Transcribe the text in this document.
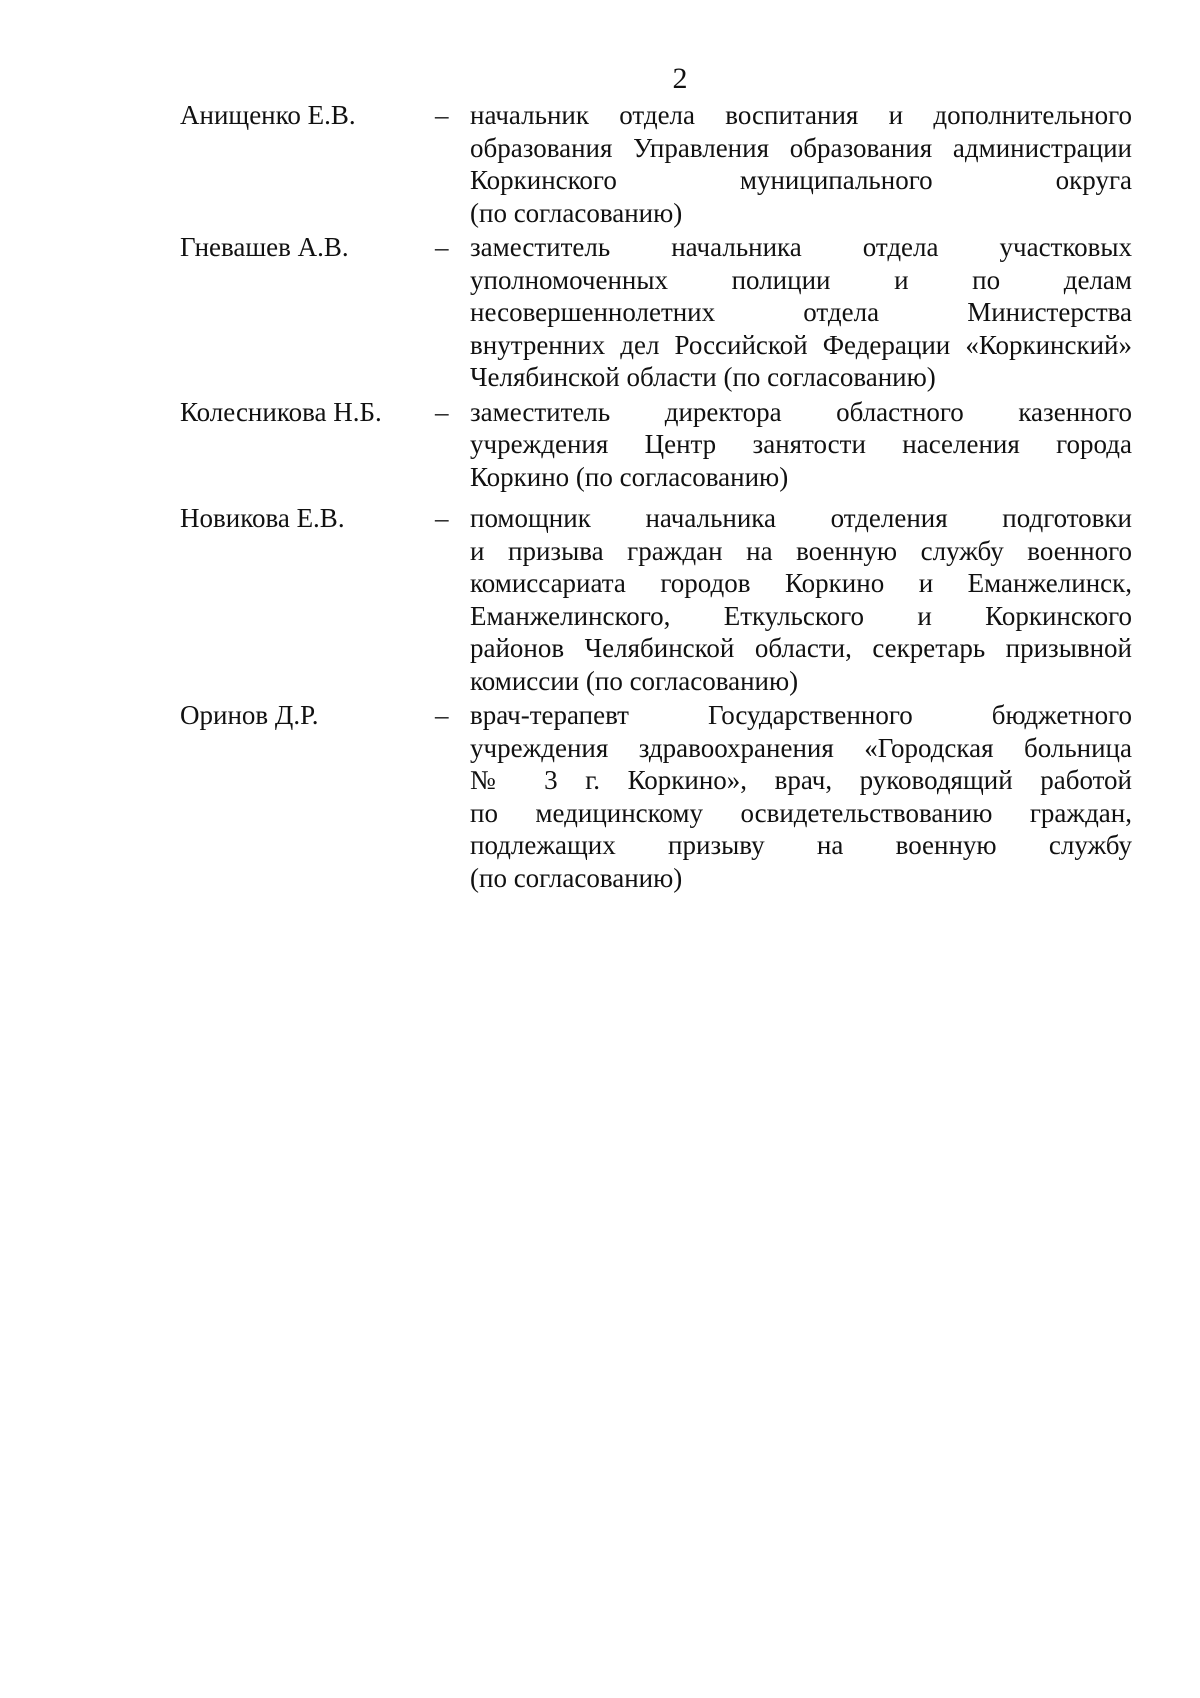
2
Анищенко Е.В.	– начальник отдела воспитания и дополнительного
образования Управления образования администрации
Коркинского муниципального округа
(по согласованию)
Гневашев А.В.	– заместитель начальника отдела участковых
уполномоченных полиции и по делам
несовершеннолетних отдела Министерства
внутренних дел Российской Федерации «Коркинский»
Челябинской области (по согласованию)
Колесникова Н.Б. – заместитель директора областного казенного
учреждения Центр занятости населения города
Коркино (по согласованию)
Новикова Е.В.	– помощник начальника отделения подготовки
и призыва граждан на военную службу военного
комиссариата городов Коркино и Еманжелинск,
Еманжелинского, Еткульского и Коркинского
районов Челябинской области, секретарь призывной
комиссии (по согласованию)
Оринов Д.Р.	– врач-терапевт Государственного бюджетного
учреждения здравоохранения «Городская больница
№ 3 г. Коркино», врач, руководящий работой
по медицинскому освидетельствованию граждан,
подлежащих призыву на военную службу
(по согласованию)
